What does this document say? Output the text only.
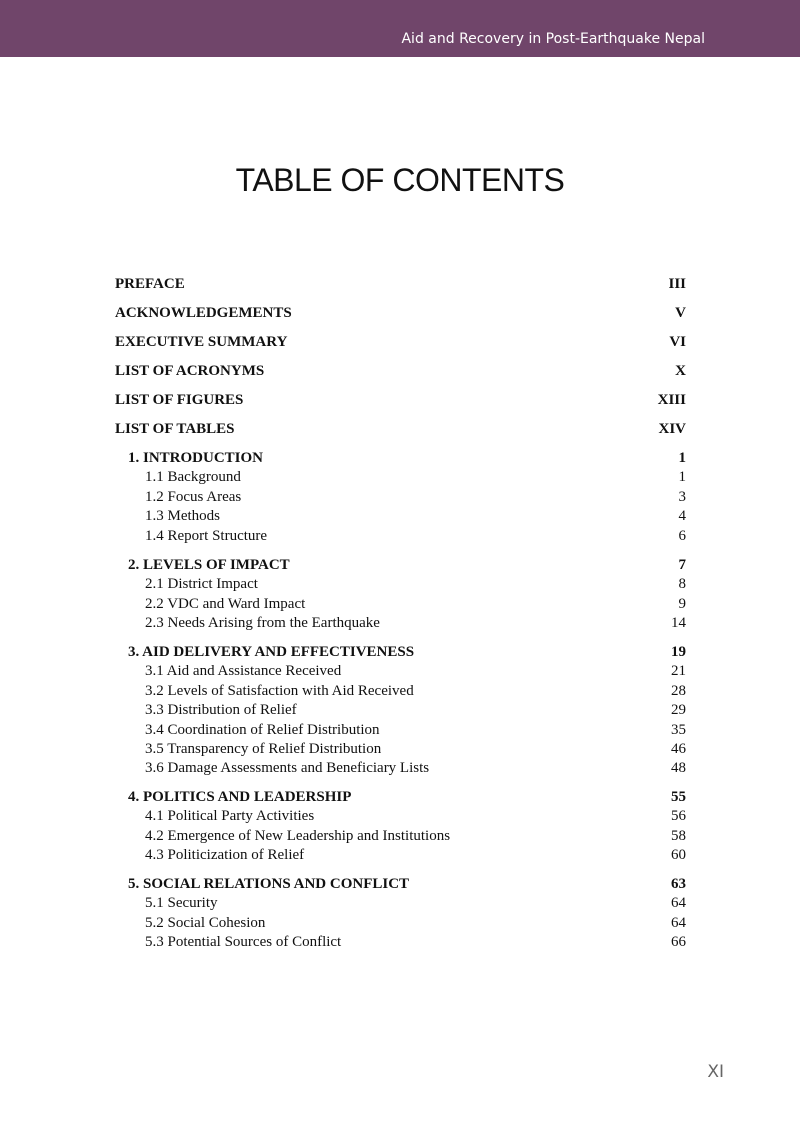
Aid and Recovery in Post-Earthquake Nepal
TABLE OF CONTENTS
PREFACE	III
ACKNOWLEDGEMENTS	V
EXECUTIVE SUMMARY	VI
LIST OF ACRONYMS	X
LIST OF FIGURES	XIII
LIST OF TABLES	XIV
1. INTRODUCTION	1
1.1 Background	1
1.2 Focus Areas	3
1.3 Methods	4
1.4 Report Structure	6
2. LEVELS OF IMPACT	7
2.1 District Impact	8
2.2 VDC and Ward Impact	9
2.3 Needs Arising from the Earthquake	14
3. AID DELIVERY AND EFFECTIVENESS	19
3.1 Aid and Assistance Received	21
3.2 Levels of Satisfaction with Aid Received	28
3.3 Distribution of Relief	29
3.4 Coordination of Relief Distribution	35
3.5 Transparency of Relief Distribution	46
3.6 Damage Assessments and Beneficiary Lists	48
4. POLITICS AND LEADERSHIP	55
4.1 Political Party Activities	56
4.2 Emergence of New Leadership and Institutions	58
4.3 Politicization of Relief	60
5. SOCIAL RELATIONS AND CONFLICT	63
5.1 Security	64
5.2 Social Cohesion	64
5.3 Potential Sources of Conflict	66
XI
